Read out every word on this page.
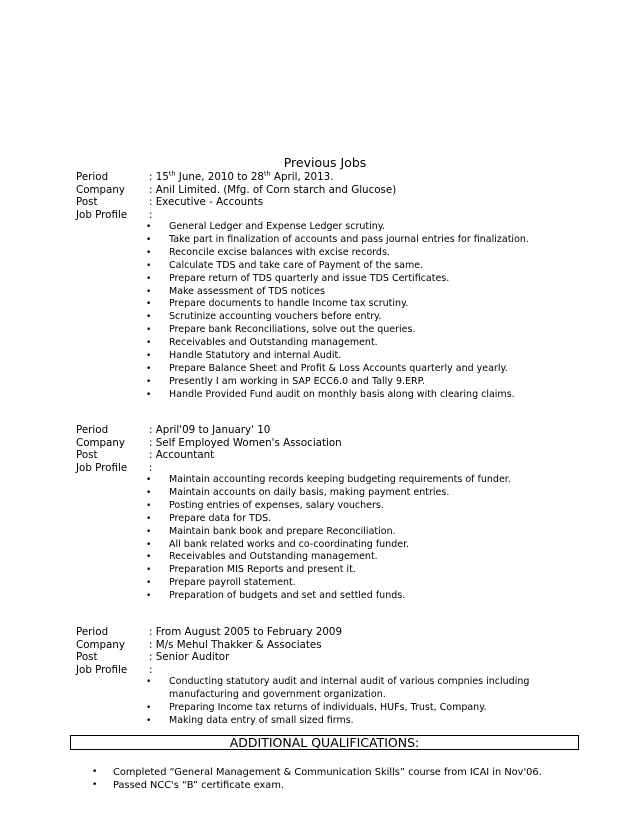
Previous Jobs
Period	: 15th June, 2010 to 28th April, 2013.
Company : Anil Limited. (Mfg. of Corn starch and Glucose)
Post	: Executive - Accounts
Job Profile :
• General Ledger and Expense Ledger scrutiny.
• Take part in finalization of accounts and pass journal entries for finalization.
• Reconcile excise balances with excise records.
• Calculate TDS and take care of Payment of the same.
• Prepare return of TDS quarterly and issue TDS Certificates.
• Make assessment of TDS notices
• Prepare documents to handle Income tax scrutiny.
• Scrutinize accounting vouchers before entry.
• Prepare bank Reconciliations, solve out the queries.
• Receivables and Outstanding management.
• Handle Statutory and internal Audit.
• Prepare Balance Sheet and Profit & Loss Accounts quarterly and yearly.
• Presently I am working in SAP ECC6.0 and Tally 9.ERP.
• Handle Provided Fund audit on monthly basis along with clearing claims.
Period	: April'09 to January' 10
Company : Self Employed Women's Association
Post	: Accountant
Job Profile :
• Maintain accounting records keeping budgeting requirements of funder.
• Maintain accounts on daily basis, making payment entries.
• Posting entries of expenses, salary vouchers.
• Prepare data for TDS.
• Maintain bank book and prepare Reconciliation.
• All bank related works and co-coordinating funder.
• Receivables and Outstanding management.
• Preparation MIS Reports and present it.
• Prepare payroll statement.
• Preparation of budgets and set and settled funds.
Period	: From August 2005 to February 2009
Company : M/s Mehul Thakker & Associates
Post	: Senior Auditor
Job Profile :
• Conducting statutory audit and internal audit of various compnies including manufacturing and government organization.
• Preparing Income tax returns of individuals, HUFs, Trust, Company.
• Making data entry of small sized firms.
ADDITIONAL QUALIFICATIONS:
• Completed “General Management & Communication Skills” course from ICAI in Nov'06.
• Passed NCC's “B” certificate exam.
